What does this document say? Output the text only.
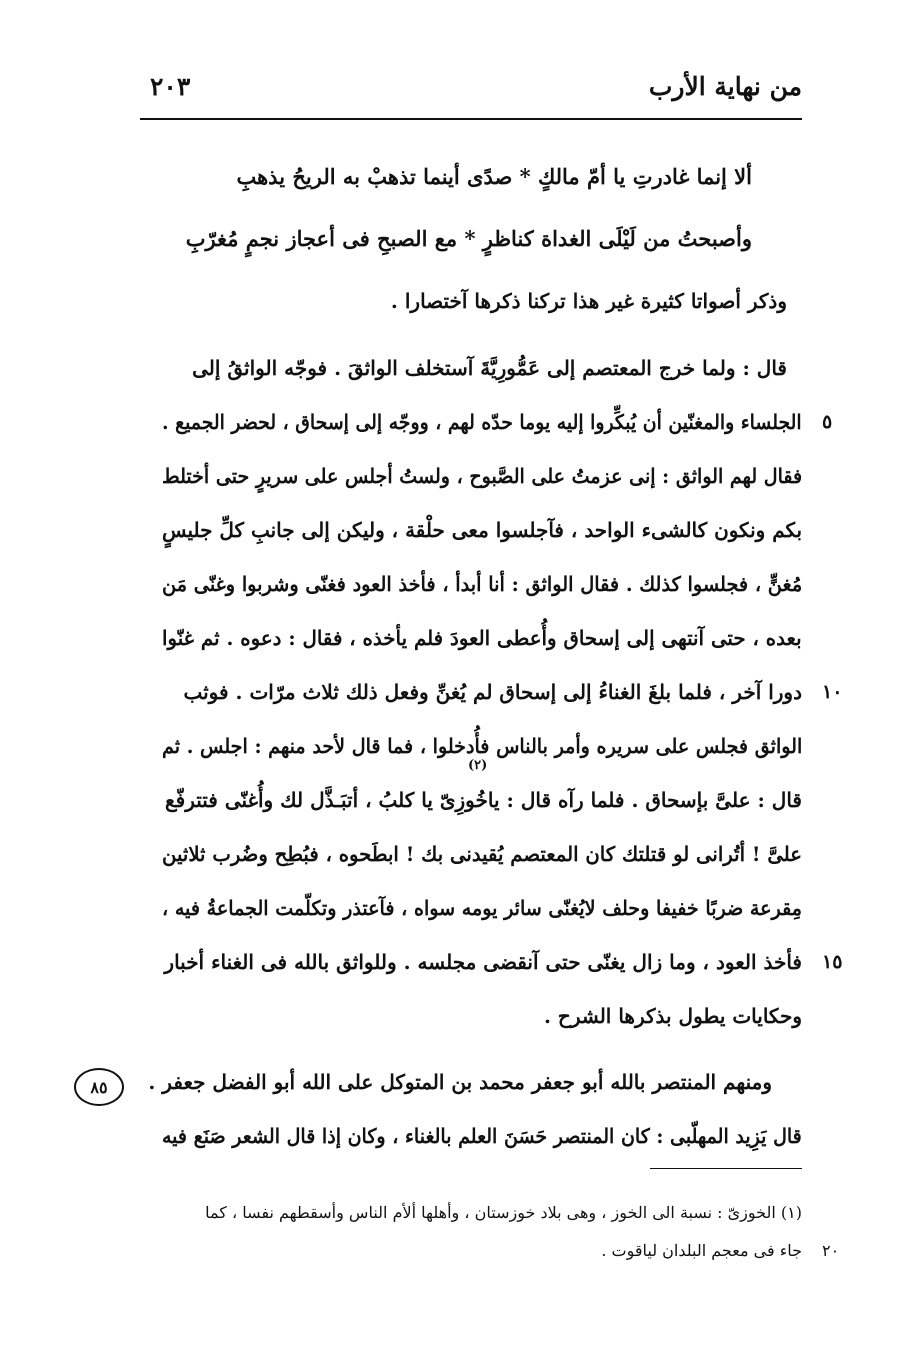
من نهاية الأرب
٢٠٣
ألا إنما غادرتِ يا أمّ مالكٍ * صدًى أينما تذهبْ به الريحُ يذهبِ
وأصبحتُ من لَيْلَى الغداة كناظرٍ * مع الصبحِ فى أعجاز نجمٍ مُغرّبِ
وذكر أصواتا كثيرة غير هذا تركنا ذكرها آختصارا .
قال : ولما خرج المعتصم إلى عَمُّورِيَّةَ آستخلف الواثقَ . فوجّه الواثقُ إلى
الجلساء والمغنّين أن يُبكِّروا إليه يوما حدّه لهم ، ووجّه إلى إسحاق ، لحضر الجميع .
فقال لهم الواثق : إنى عزمتُ على الصَّبوح ، ولستُ أجلس على سريرٍ حتى أختلط
بكم ونكون كالشىء الواحد ، فآجلسوا معى حلْقة ، وليكن إلى جانبِ كلِّ جليسٍ
مُغنٍّ ، فجلسوا كذلك . فقال الواثق : أنا أبدأ ، فأخذ العود فغنّى وشربوا وغنّى مَن
بعده ، حتى آنتهى إلى إسحاق وأُعطى العودَ فلم يأخذه ، فقال : دعوه . ثم غنّوا
دورا آخر ، فلما بلغَ الغناءُ إلى إسحاق لم يُغنِّ وفعل ذلك ثلاث مرّات . فوثب
الواثق فجلس على سريره وأمر بالناس فأُدخلوا ، فما قال لأحد منهم : اجلس . ثم
قال : علىَّ بإسحاق . فلما رآه قال : ياخُوزِىّ يا كلبُ ، أتبَـذَّل لك وأُغنّى فتترفّع
علىَّ ! أتُرانى لو قتلتك كان المعتصم يُقيدنى بك ! ابطَحوه ، فبُطِح وضُرب ثلاثين
مِقرعة ضربًا خفيفا وحلف لايُغنّى سائر يومه سواه ، فآعتذر وتكلّمت الجماعةُ فيه ،
فأخذ العود ، وما زال يغنّى حتى آنقضى مجلسه . وللواثق بالله فى الغناء أخبار
وحكايات يطول بذكرها الشرح .
ومنهم المنتصر بالله أبو جعفر محمد بن المتوكل على الله أبو الفضل جعفر .
قال يَزِيد المهلّبى : كان المنتصر حَسَنَ العلم بالغناء ، وكان إذا قال الشعر صَنَع فيه
(٢)
٥
١٠
١٥
٨٥
(١) الخوزىّ : نسبة الى الخوز ، وهى بلاد خوزستان ، وأهلها ألأم الناس وأسقطهم نفسا ، كما
جاء فى معجم البلدان لياقوت . ٢٠
